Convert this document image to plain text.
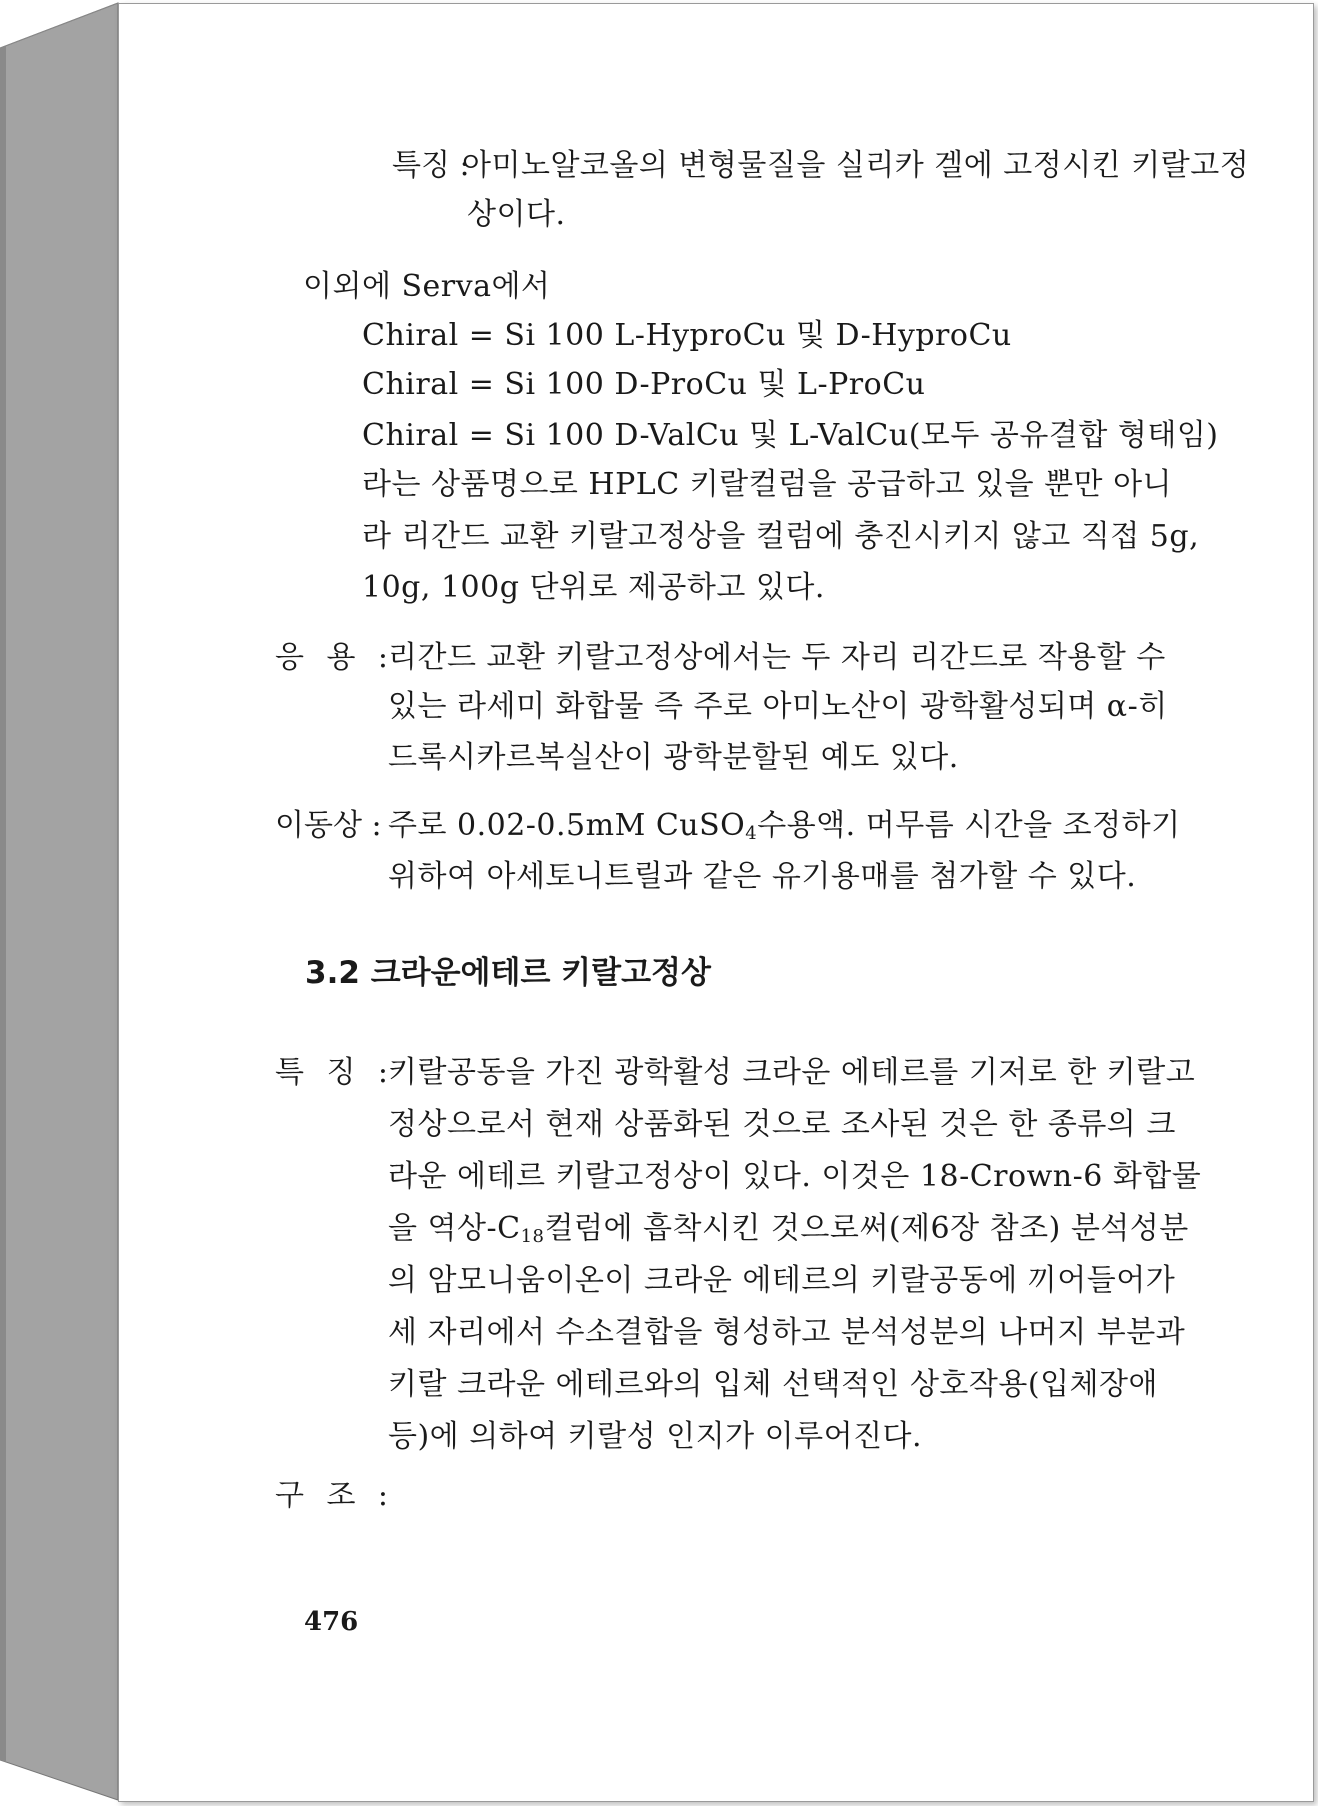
특징 :
아미노알코올의 변형물질을 실리카 겔에 고정시킨 키랄고정
상이다.
이외에 Serva에서
Chiral = Si 100 L-HyproCu 및 D-HyproCu
Chiral = Si 100 D-ProCu 및 L-ProCu
Chiral = Si 100 D-ValCu 및 L-ValCu(모두 공유결합 형태임)
라는 상품명으로 HPLC 키랄컬럼을 공급하고 있을 뿐만 아니
라 리간드 교환 키랄고정상을 컬럼에 충진시키지 않고 직접 5g,
10g, 100g 단위로 제공하고 있다.
응 용 : 리간드 교환 키랄고정상에서는 두 자리 리간드로 작용할 수
있는 라세미 화합물 즉 주로 아미노산이 광학활성되며 α-히
드록시카르복실산이 광학분할된 예도 있다.
이동상 : 주로 0.02-0.5mM CuSO$_4$ 수용액. 머무름 시간을 조정하기
위하여 아세토니트릴과 같은 유기용매를 첨가할 수 있다.
3.2 크라운에테르 키랄고정상
특 징 : 키랄공동을 가진 광학활성 크라운 에테르를 기저로 한 키랄고
정상으로서 현재 상품화된 것으로 조사된 것은 한 종류의 크
라운 에테르 키랄고정상이 있다. 이것은 18-Crown-6 화합물
을 역상$-C_{18}$ 컬럼에 흡착시킨 것으로써(제6장 참조) 분석성분
의 암모니움이온이 크라운 에테르의 키랄공동에 끼어들어가
세 자리에서 수소결합을 형성하고 분석성분의 나머지 부분과
키랄 크라운 에테르와의 입체 선택적인 상호작용(입체장애
등)에 의하여 키랄성 인지가 이루어진다.
구 조 :
476
